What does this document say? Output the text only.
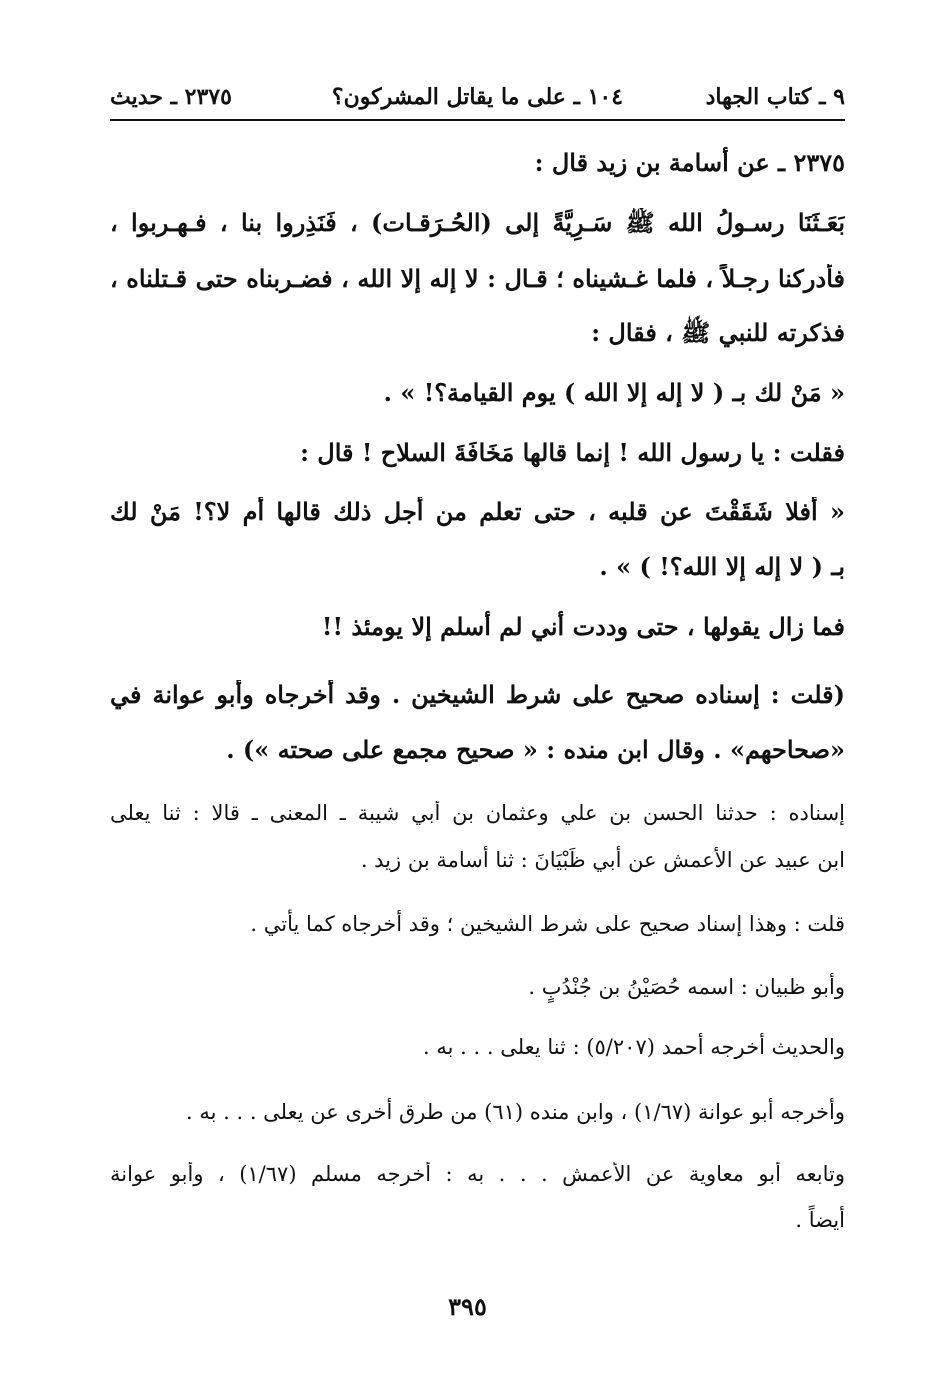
٩ ـ كتاب الجهاد
١٠٤ ـ على ما يقاتل المشركون؟
٢٣٧٥ ـ حديث
٢٣٧٥ ـ عن أسامة بن زيد قال :
بَعَـثَنَا رسـولُ الله ﷺ سَـرِيَّةً إلى (الحُـرَقـات) ، فَنَذِروا بنا ، فـهـربوا ،
فأدركنا رجـلاً ، فلما غـشيناه ؛ قـال : لا إله إلا الله ، فضـربناه حتى قـتلناه ،
فذكرته للنبي ﷺ ، فقال :
« مَنْ لك بـ ( لا إله إلا الله ) يوم القيامة؟! » .
فقلت : يا رسول الله ! إنما قالها مَخَافَةَ السلاح ! قال :
« أفلا شَقَقْتَ عن قلبه ، حتى تعلم من أجل ذلك قالها أم لا؟! مَنْ لك
بـ ( لا إله إلا الله؟! ) » .
فما زال يقولها ، حتى وددت أني لم أسلم إلا يومئذ !!
(قلت : إسناده صحيح على شرط الشيخين . وقد أخرجاه وأبو عوانة في
«صحاحهم» . وقال ابن منده : « صحيح مجمع على صحته ») .
إسناده : حدثنا الحسن بن علي وعثمان بن أبي شيبة ـ المعنى ـ قالا : ثنا يعلى
ابن عبيد عن الأعمش عن أبي ظَبْيَانَ : ثنا أسامة بن زيد .
قلت : وهذا إسناد صحيح على شرط الشيخين ؛ وقد أخرجاه كما يأتي .
وأبو ظبيان : اسمه حُصَيْنُ بن جُنْدُبٍ .
والحديث أخرجه أحمد (٥/٢٠٧) : ثنا يعلى . . . به .
وأخرجه أبو عوانة (١/٦٧) ، وابن منده (٦١) من طرق أخرى عن يعلى . . . به .
وتابعه أبو معاوية عن الأعمش . . . به : أخرجه مسلم (١/٦٧) ، وأبو عوانة
أيضاً .
٣٩٥
